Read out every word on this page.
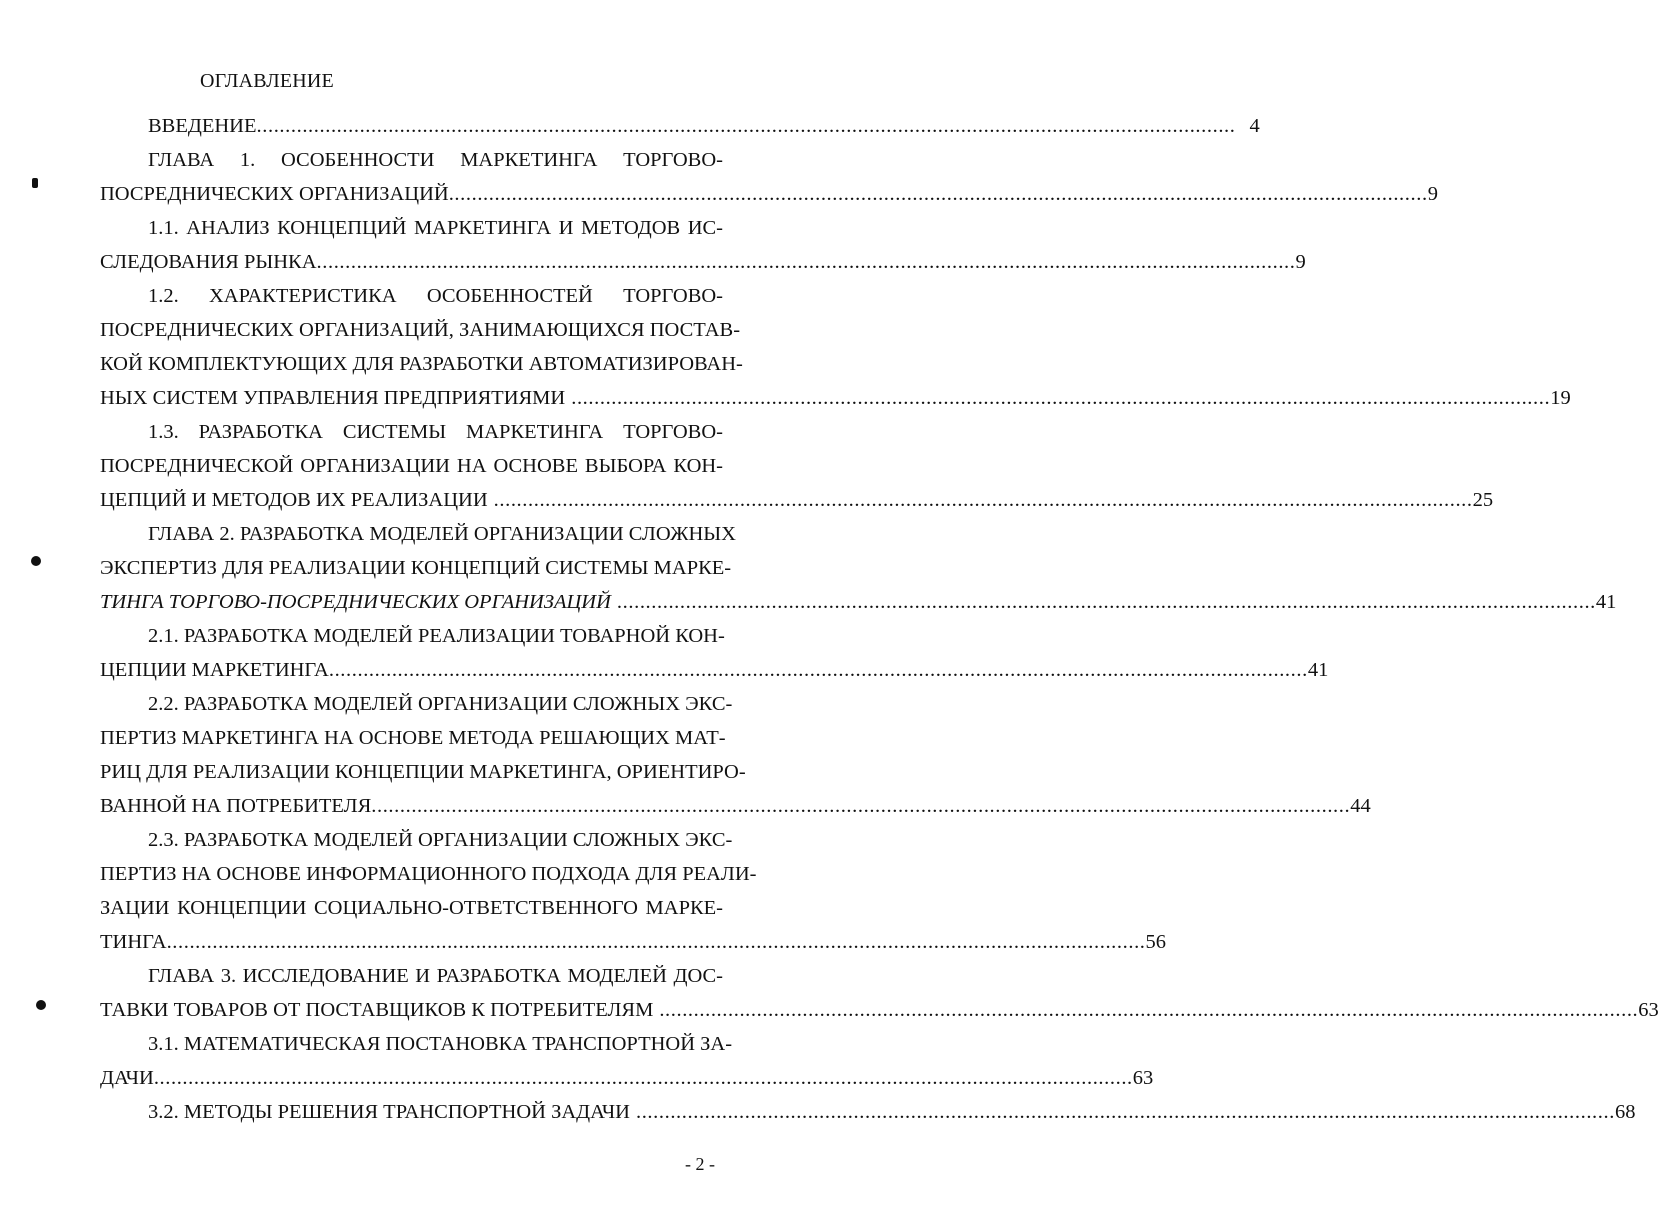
ОГЛАВЛЕНИЕ
ВВЕДЕНИЕ ........................................................................................................................................................................... 4
ГЛАВА 1. ОСОБЕННОСТИ МАРКЕТИНГА ТОРГОВО-
ПОСРЕДНИЧЕСКИХ ОРГАНИЗАЦИЙ ........................................................................................................................................................................... 9
1.1. АНАЛИЗ КОНЦЕПЦИЙ МАРКЕТИНГА И МЕТОДОВ ИС-
СЛЕДОВАНИЯ РЫНКА ........................................................................................................................................................................... 9
1.2. ХАРАКТЕРИСТИКА ОСОБЕННОСТЕЙ ТОРГОВО-
ПОСРЕДНИЧЕСКИХ ОРГАНИЗАЦИЙ, ЗАНИМАЮЩИХСЯ ПОСТАВ-
КОЙ КОМПЛЕКТУЮЩИХ ДЛЯ РАЗРАБОТКИ АВТОМАТИЗИРОВАН-
НЫХ СИСТЕМ УПРАВЛЕНИЯ ПРЕДПРИЯТИЯМИ ........................................................................................................................................................................... 19
1.3. РАЗРАБОТКА СИСТЕМЫ МАРКЕТИНГА ТОРГОВО-
ПОСРЕДНИЧЕСКОЙ ОРГАНИЗАЦИИ НА ОСНОВЕ ВЫБОРА КОН-
ЦЕПЦИЙ И МЕТОДОВ ИХ РЕАЛИЗАЦИИ ........................................................................................................................................................................... 25
ГЛАВА 2. РАЗРАБОТКА МОДЕЛЕЙ ОРГАНИЗАЦИИ СЛОЖНЫХ
ЭКСПЕРТИЗ ДЛЯ РЕАЛИЗАЦИИ КОНЦЕПЦИЙ СИСТЕМЫ МАРКЕ-
ТИНГА ТОРГОВО-ПОСРЕДНИЧЕСКИХ ОРГАНИЗАЦИЙ ........................................................................................................................................................................... 41
2.1. РАЗРАБОТКА МОДЕЛЕЙ РЕАЛИЗАЦИИ ТОВАРНОЙ КОН-
ЦЕПЦИИ МАРКЕТИНГА ........................................................................................................................................................................... 41
2.2. РАЗРАБОТКА МОДЕЛЕЙ ОРГАНИЗАЦИИ СЛОЖНЫХ ЭКС-
ПЕРТИЗ МАРКЕТИНГА НА ОСНОВЕ МЕТОДА РЕШАЮЩИХ МАТ-
РИЦ ДЛЯ РЕАЛИЗАЦИИ КОНЦЕПЦИИ МАРКЕТИНГА, ОРИЕНТИРО-
ВАННОЙ НА ПОТРЕБИТЕЛЯ ........................................................................................................................................................................... 44
2.3. РАЗРАБОТКА МОДЕЛЕЙ ОРГАНИЗАЦИИ СЛОЖНЫХ ЭКС-
ПЕРТИЗ НА ОСНОВЕ ИНФОРМАЦИОННОГО ПОДХОДА ДЛЯ РЕАЛИ-
ЗАЦИИ КОНЦЕПЦИИ СОЦИАЛЬНО-ОТВЕТСТВЕННОГО МАРКЕ-
ТИНГА ........................................................................................................................................................................... 56
ГЛАВА 3. ИССЛЕДОВАНИЕ И РАЗРАБОТКА МОДЕЛЕЙ ДОС-
ТАВКИ ТОВАРОВ ОТ ПОСТАВЩИКОВ К ПОТРЕБИТЕЛЯМ ........................................................................................................................................................................... 63
3.1. МАТЕМАТИЧЕСКАЯ ПОСТАНОВКА ТРАНСПОРТНОЙ ЗА-
ДАЧИ ........................................................................................................................................................................... 63
3.2. МЕТОДЫ РЕШЕНИЯ ТРАНСПОРТНОЙ ЗАДАЧИ ........................................................................................................................................................................... 68
- 2 -
